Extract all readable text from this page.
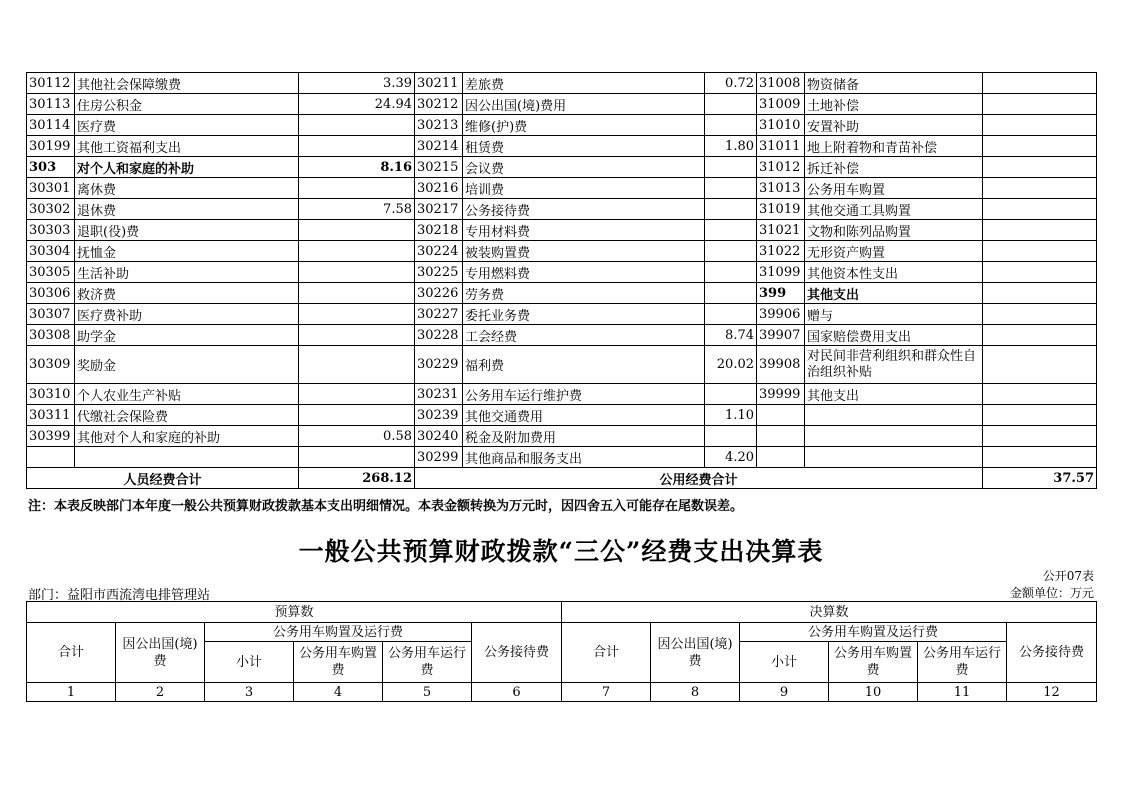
30112	其他社会保障缴费	3.39	30211	差旅费	0.72	31008	物资储备	
30113	住房公积金	24.94	30212	因公出国(境)费用		31009	土地补偿	
30114	医疗费		30213	维修(护)费		31010	安置补助	
30199	其他工资福利支出		30214	租赁费	1.80	31011	地上附着物和青苗补偿	
303	对个人和家庭的补助	8.16	30215	会议费		31012	拆迁补偿	
30301	离休费		30216	培训费		31013	公务用车购置	
30302	退休费	7.58	30217	公务接待费		31019	其他交通工具购置	
30303	退职(役)费		30218	专用材料费		31021	文物和陈列品购置	
30304	抚恤金		30224	被装购置费		31022	无形资产购置	
30305	生活补助		30225	专用燃料费		31099	其他资本性支出	
30306	救济费		30226	劳务费		399	其他支出	
30307	医疗费补助		30227	委托业务费		39906	赠与	
30308	助学金		30228	工会经费	8.74	39907	国家赔偿费用支出	
30309	奖励金		30229	福利费	20.02	39908	对民间非营利组织和群众性自治组织补贴	
30310	个人农业生产补贴		30231	公务用车运行维护费		39999	其他支出	
30311	代缴社会保险费		30239	其他交通费用	1.10			
30399	其他对个人和家庭的补助	0.58	30240	税金及附加费用				
			30299	其他商品和服务支出	4.20			
人员经费合计		268.12	公用经费合计					37.57
注：本表反映部门本年度一般公共预算财政拨款基本支出明细情况。本表金额转换为万元时，因四舍五入可能存在尾数误差。
一般公共预算财政拨款“三公”经费支出决算表
公开07表
部门：益阳市西流湾电排管理站	金额单位：万元
预算数						决算数					
合计	因公出国(境)费	公务用车购置及运行费			公务接待费	合计	因公出国(境)费	公务用车购置及运行费			公务接待费
		小计	公务用车购置费	公务用车运行费				小计	公务用车购置费	公务用车运行费	
1	2	3	4	5	6	7	8	9	10	11	12
